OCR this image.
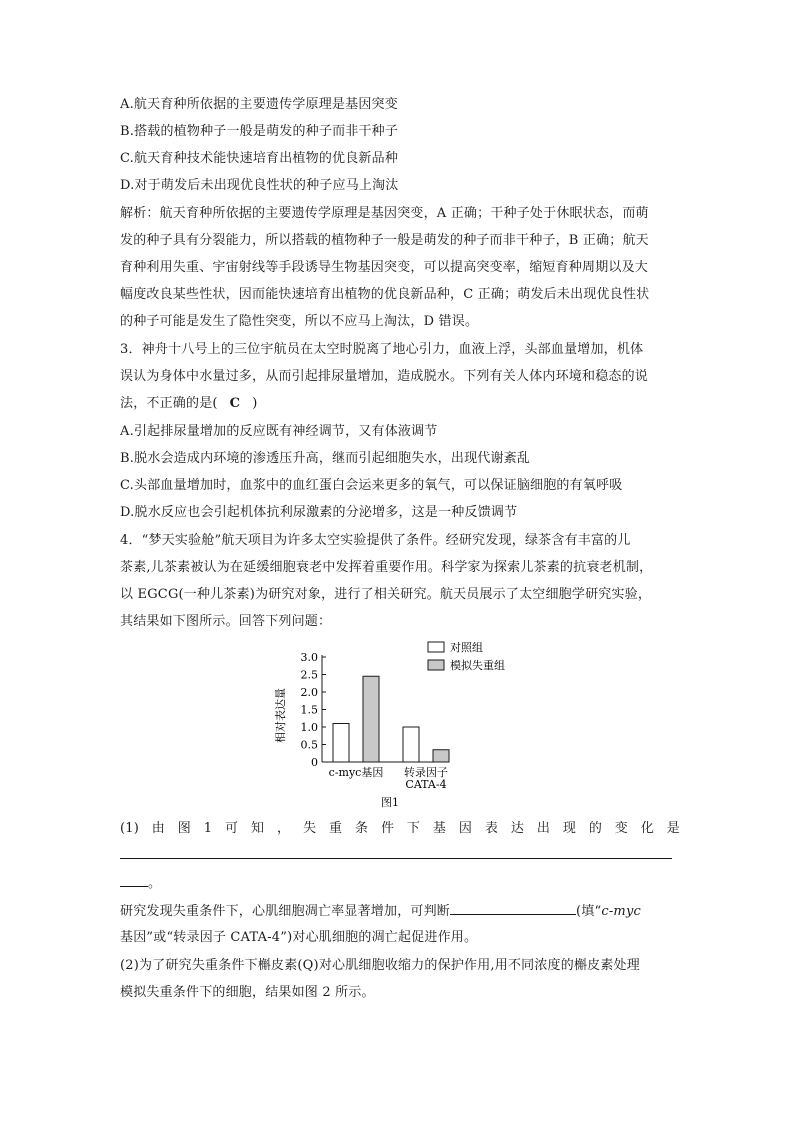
A.航天育种所依据的主要遗传学原理是基因突变
B.搭载的植物种子一般是萌发的种子而非干种子
C.航天育种技术能快速培育出植物的优良新品种
D.对于萌发后未出现优良性状的种子应马上淘汰
解析：航天育种所依据的主要遗传学原理是基因突变，A 正确；干种子处于休眠状态，而萌
发的种子具有分裂能力，所以搭载的植物种子一般是萌发的种子而非干种子，B 正确；航天
育种利用失重、宇宙射线等手段诱导生物基因突变，可以提高突变率，缩短育种周期以及大
幅度改良某些性状，因而能快速培育出植物的优良新品种，C 正确；萌发后未出现优良性状
的种子可能是发生了隐性突变，所以不应马上淘汰，D 错误。
3．神舟十八号上的三位宇航员在太空时脱离了地心引力，血液上浮，头部血量增加，机体
误认为身体中水量过多，从而引起排尿量增加，造成脱水。下列有关人体内环境和稳态的说
法，不正确的是( C )
A.引起排尿量增加的反应既有神经调节，又有体液调节
B.脱水会造成内环境的渗透压升高，继而引起细胞失水，出现代谢紊乱
C.头部血量增加时，血浆中的血红蛋白会运来更多的氧气，可以保证脑细胞的有氧呼吸
D.脱水反应也会引起机体抗利尿激素的分泌增多，这是一种反馈调节
4．“梦天实验舱”航天项目为许多太空实验提供了条件。经研究发现，绿茶含有丰富的儿
茶素,儿茶素被认为在延缓细胞衰老中发挥着重要作用。科学家为探索儿茶素的抗衰老机制，
以 EGCG(一种儿茶素)为研究对象，进行了相关研究。航天员展示了太空细胞学研究实验，
其结果如下图所示。回答下列问题：
0
0.5
1.0
1.5
2.0
2.5
3.0
相对表达量
c-myc基因 转录因子
CATA-4
对照组
模拟失重组
图1
(1) 由 图 1 可 知 ， 失 重 条 件 下 基 因 表 达 出 现 的 变 化 是
。
研究发现失重条件下，心肌细胞凋亡率显著增加，可判断	(填“c-myc
基因”或“转录因子 CATA-4”)对心肌细胞的凋亡起促进作用。
(2)为了研究失重条件下槲皮素(Q)对心肌细胞收缩力的保护作用,用不同浓度的槲皮素处理
模拟失重条件下的细胞，结果如图 2 所示。
